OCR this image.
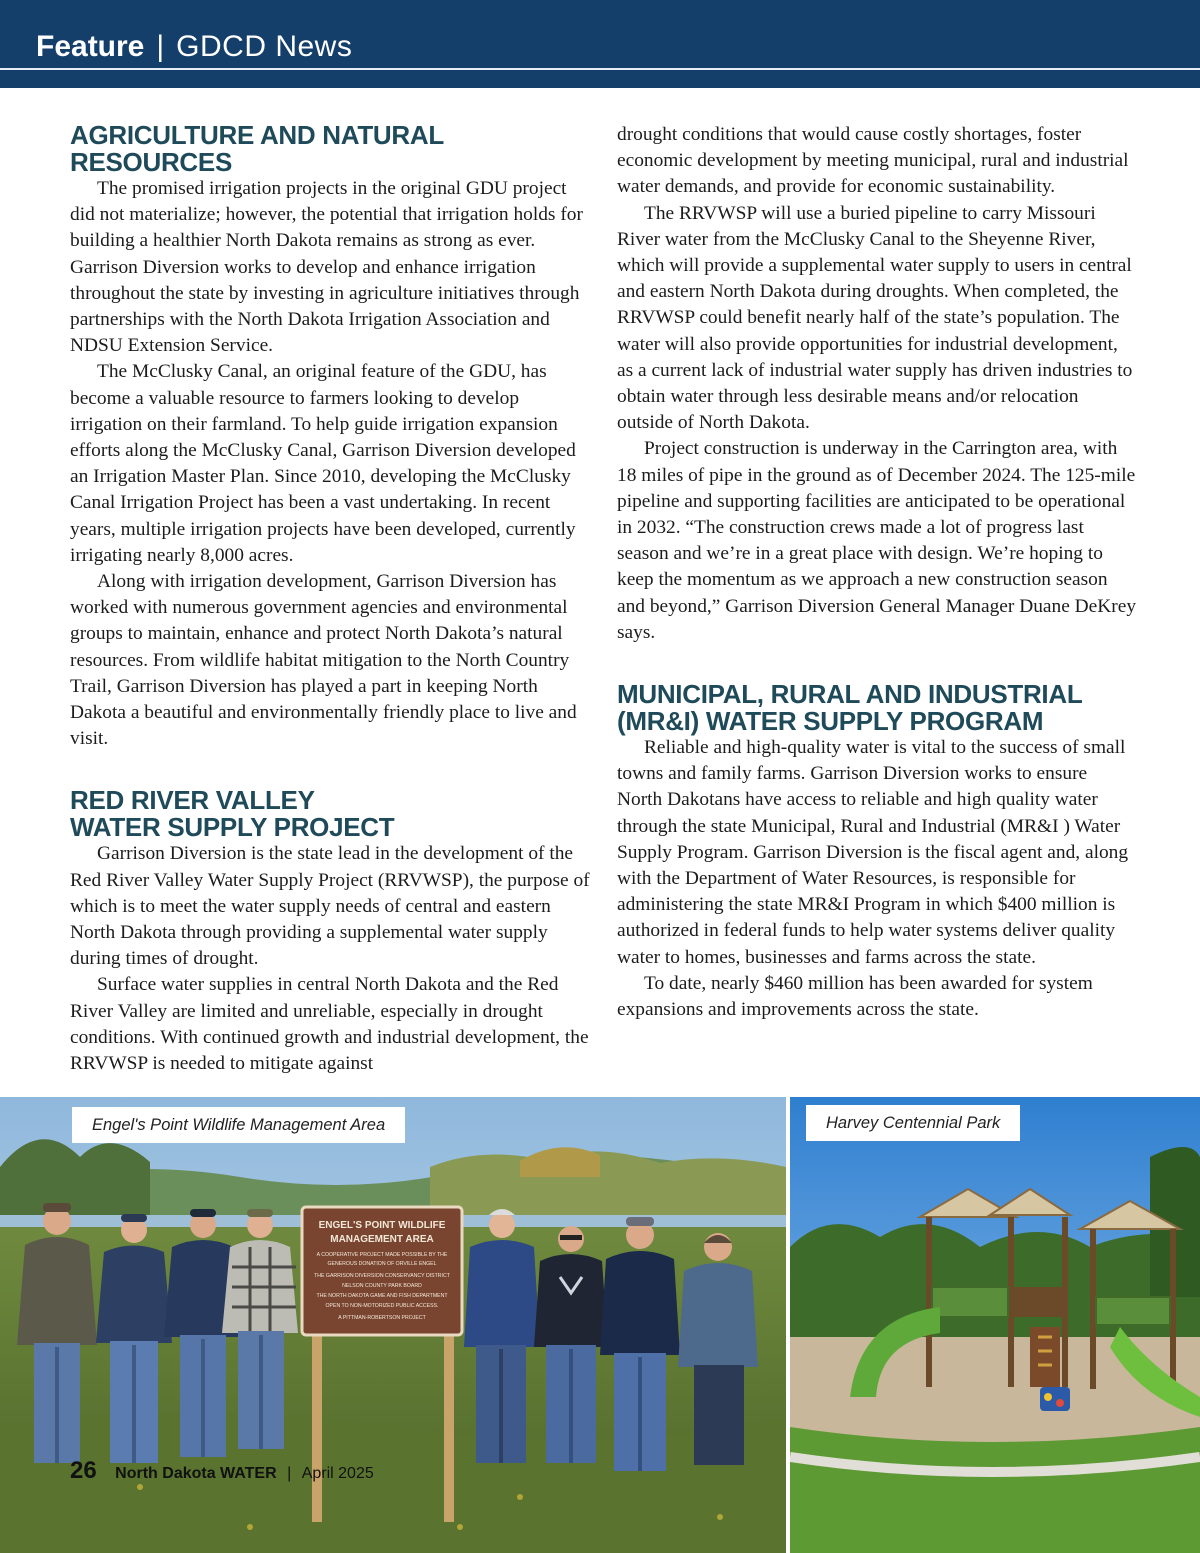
Feature | GDCD News
AGRICULTURE AND NATURAL RESOURCES

The promised irrigation projects in the original GDU project did not materialize; however, the potential that irrigation holds for building a healthier North Dakota remains as strong as ever. Garrison Diversion works to develop and enhance irrigation throughout the state by investing in agriculture initiatives through partnerships with the North Dakota Irrigation Association and NDSU Extension Service.

The McClusky Canal, an original feature of the GDU, has become a valuable resource to farmers looking to develop irrigation on their farmland. To help guide irrigation expansion efforts along the McClusky Canal, Garrison Diversion developed an Irrigation Master Plan. Since 2010, developing the McClusky Canal Irrigation Project has been a vast undertaking. In recent years, multiple irrigation projects have been developed, currently irrigating nearly 8,000 acres.

Along with irrigation development, Garrison Diversion has worked with numerous government agencies and environmental groups to maintain, enhance and protect North Dakota’s natural resources. From wildlife habitat mitigation to the North Country Trail, Garrison Diversion has played a part in keeping North Dakota a beautiful and environmentally friendly place to live and visit.

RED RIVER VALLEY
WATER SUPPLY PROJECT

Garrison Diversion is the state lead in the development of the Red River Valley Water Supply Project (RRVWSP), the purpose of which is to meet the water supply needs of central and eastern North Dakota through providing a supplemental water supply during times of drought.

Surface water supplies in central North Dakota and the Red River Valley are limited and unreliable, especially in drought conditions. With continued growth and industrial development, the RRVWSP is needed to mitigate against

drought conditions that would cause costly shortages, foster economic development by meeting municipal, rural and industrial water demands, and provide for economic sustainability.

The RRVWSP will use a buried pipeline to carry Missouri River water from the McClusky Canal to the Sheyenne River, which will provide a supplemental water supply to users in central and eastern North Dakota during droughts. When completed, the RRVWSP could benefit nearly half of the state’s population. The water will also provide opportunities for industrial development, as a current lack of industrial water supply has driven industries to obtain water through less desirable means and/or relocation outside of North Dakota.

Project construction is underway in the Carrington area, with 18 miles of pipe in the ground as of December 2024. The 125-mile pipeline and supporting facilities are anticipated to be operational in 2032. “The construction crews made a lot of progress last season and we’re in a great place with design. We’re hoping to keep the momentum as we approach a new construction season and beyond,” Garrison Diversion General Manager Duane DeKrey says.

MUNICIPAL, RURAL AND INDUSTRIAL
(MR&I) WATER SUPPLY PROGRAM

Reliable and high-quality water is vital to the success of small towns and family farms. Garrison Diversion works to ensure North Dakotans have access to reliable and high quality water through the state Municipal, Rural and Industrial (MR&I ) Water Supply Program. Garrison Diversion is the fiscal agent and, along with the Department of Water Resources, is responsible for administering the state MR&I Program in which $400 million is authorized in federal funds to help water systems deliver quality water to homes, businesses and farms across the state.

To date, nearly $460 million has been awarded for system expansions and improvements across the state.

ENGEL'S POINT WILDLIFE
MANAGEMENT AREA
A COOPERATIVE PROJECT MADE POSSIBLE BY THE
GENEROUS DONATION OF ORVILLE ENGEL
THE GARRISON DIVERSION CONSERVANCY DISTRICT
NELSON COUNTY PARK BOARD
THE NORTH DAKOTA GAME AND FISH DEPARTMENT
OPEN TO NON-MOTORIZED PUBLIC ACCESS.
A PITTMAN-ROBERTSON PROJECT
Engel's Point Wildlife Management Area	Harvey Centennial Park
26 North Dakota WATER | April 2025
